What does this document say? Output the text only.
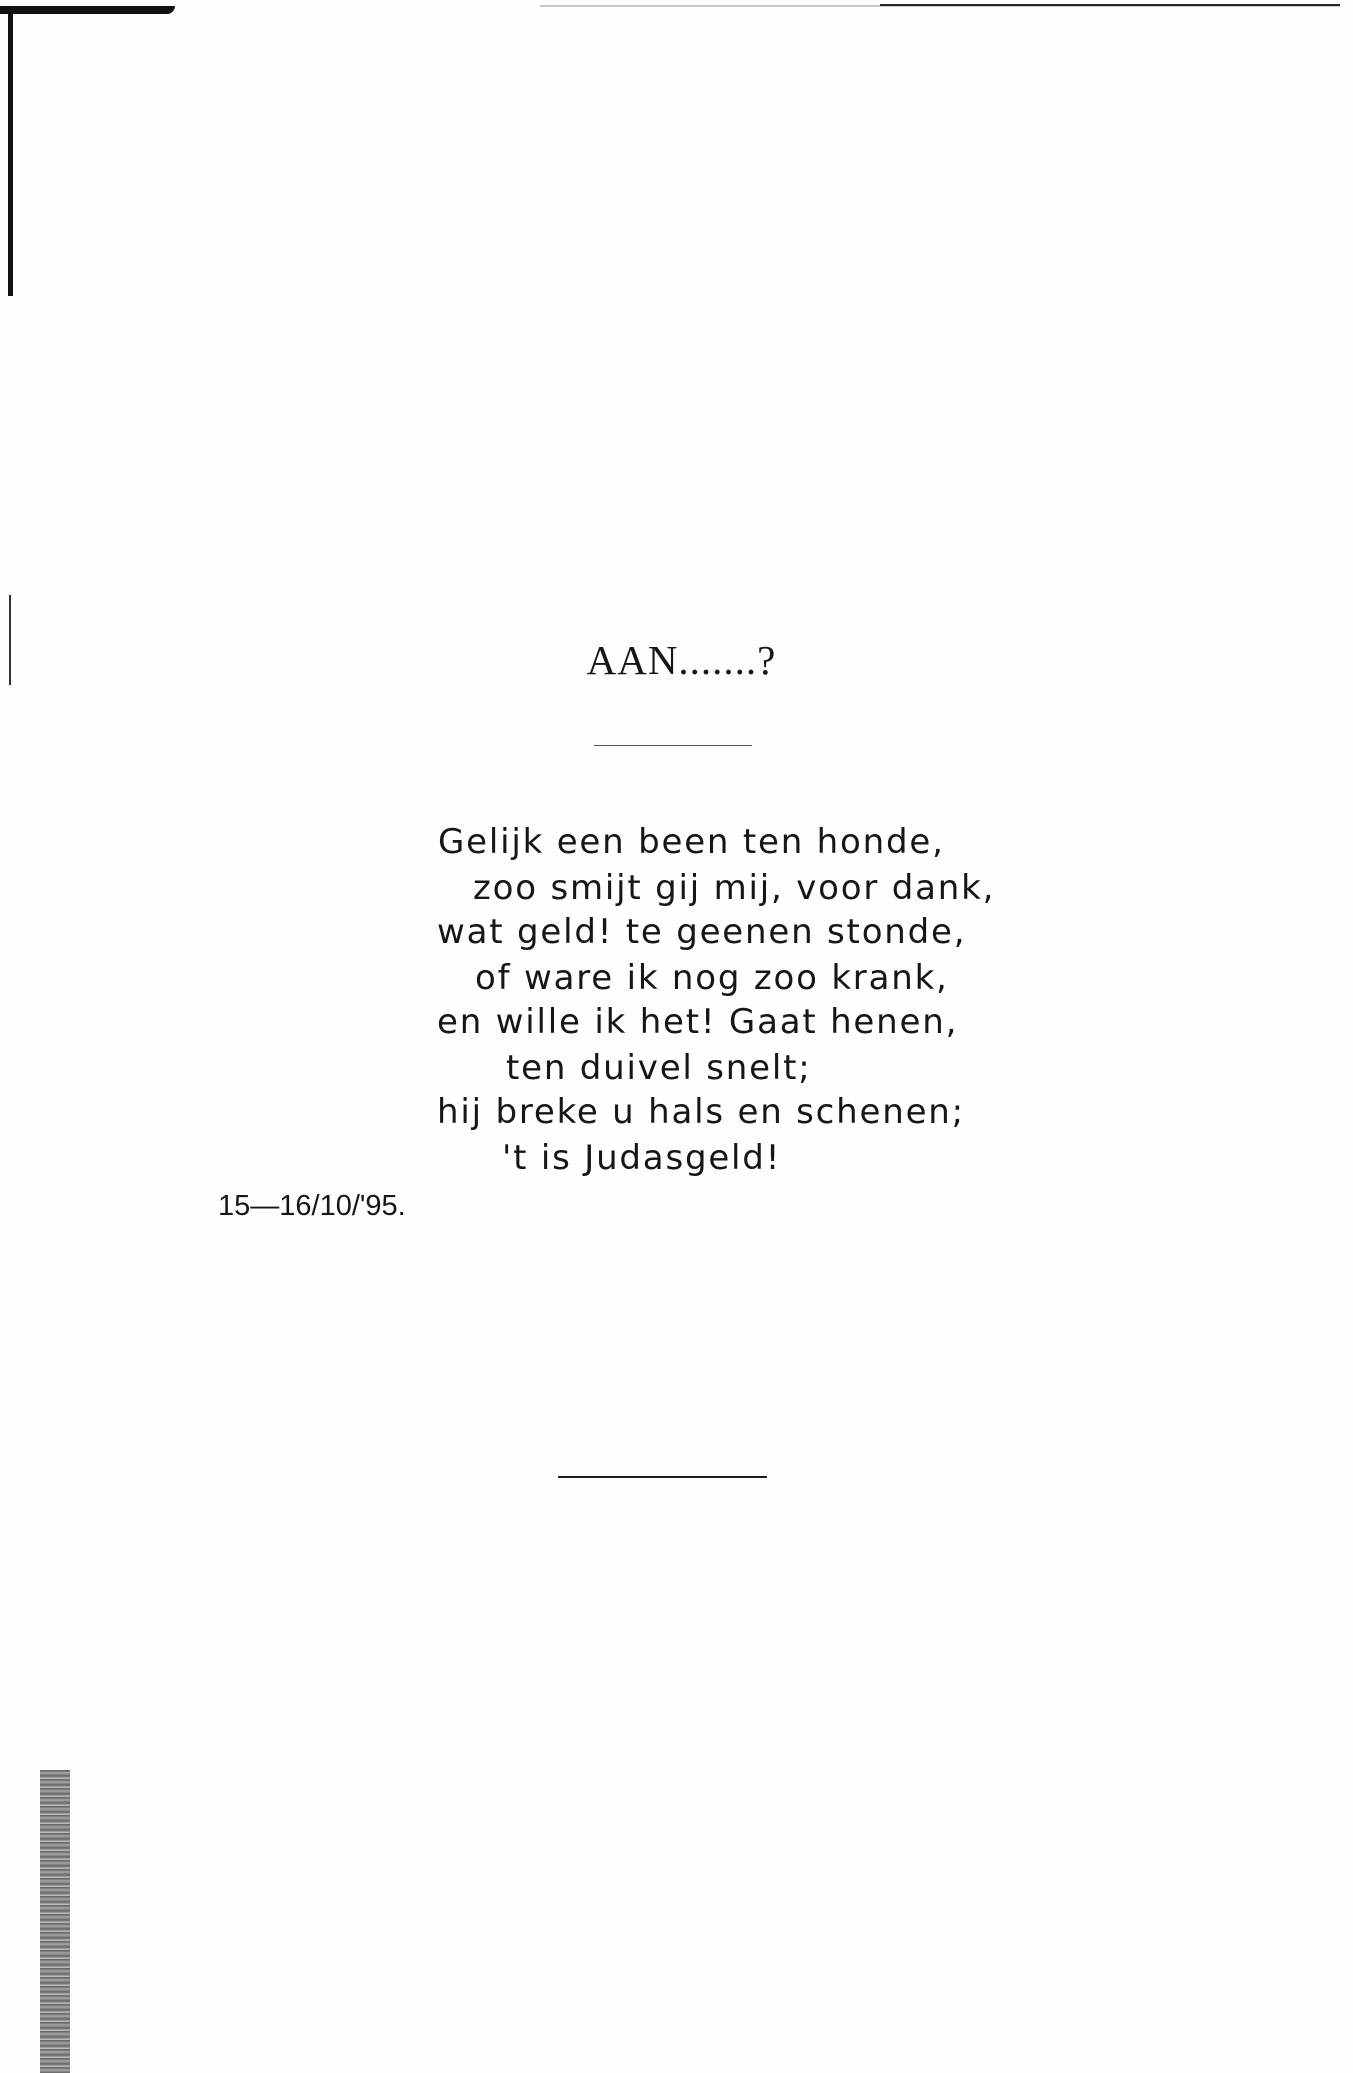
AAN.......?
Gelijk een been ten honde,
zoo smijt gij mij, voor dank,
wat geld! te geenen stonde,
of ware ik nog zoo krank,
en wille ik het! Gaat henen,
ten duivel snelt;
hij breke u hals en schenen;
't is Judasgeld!
15—16/10/'95.
